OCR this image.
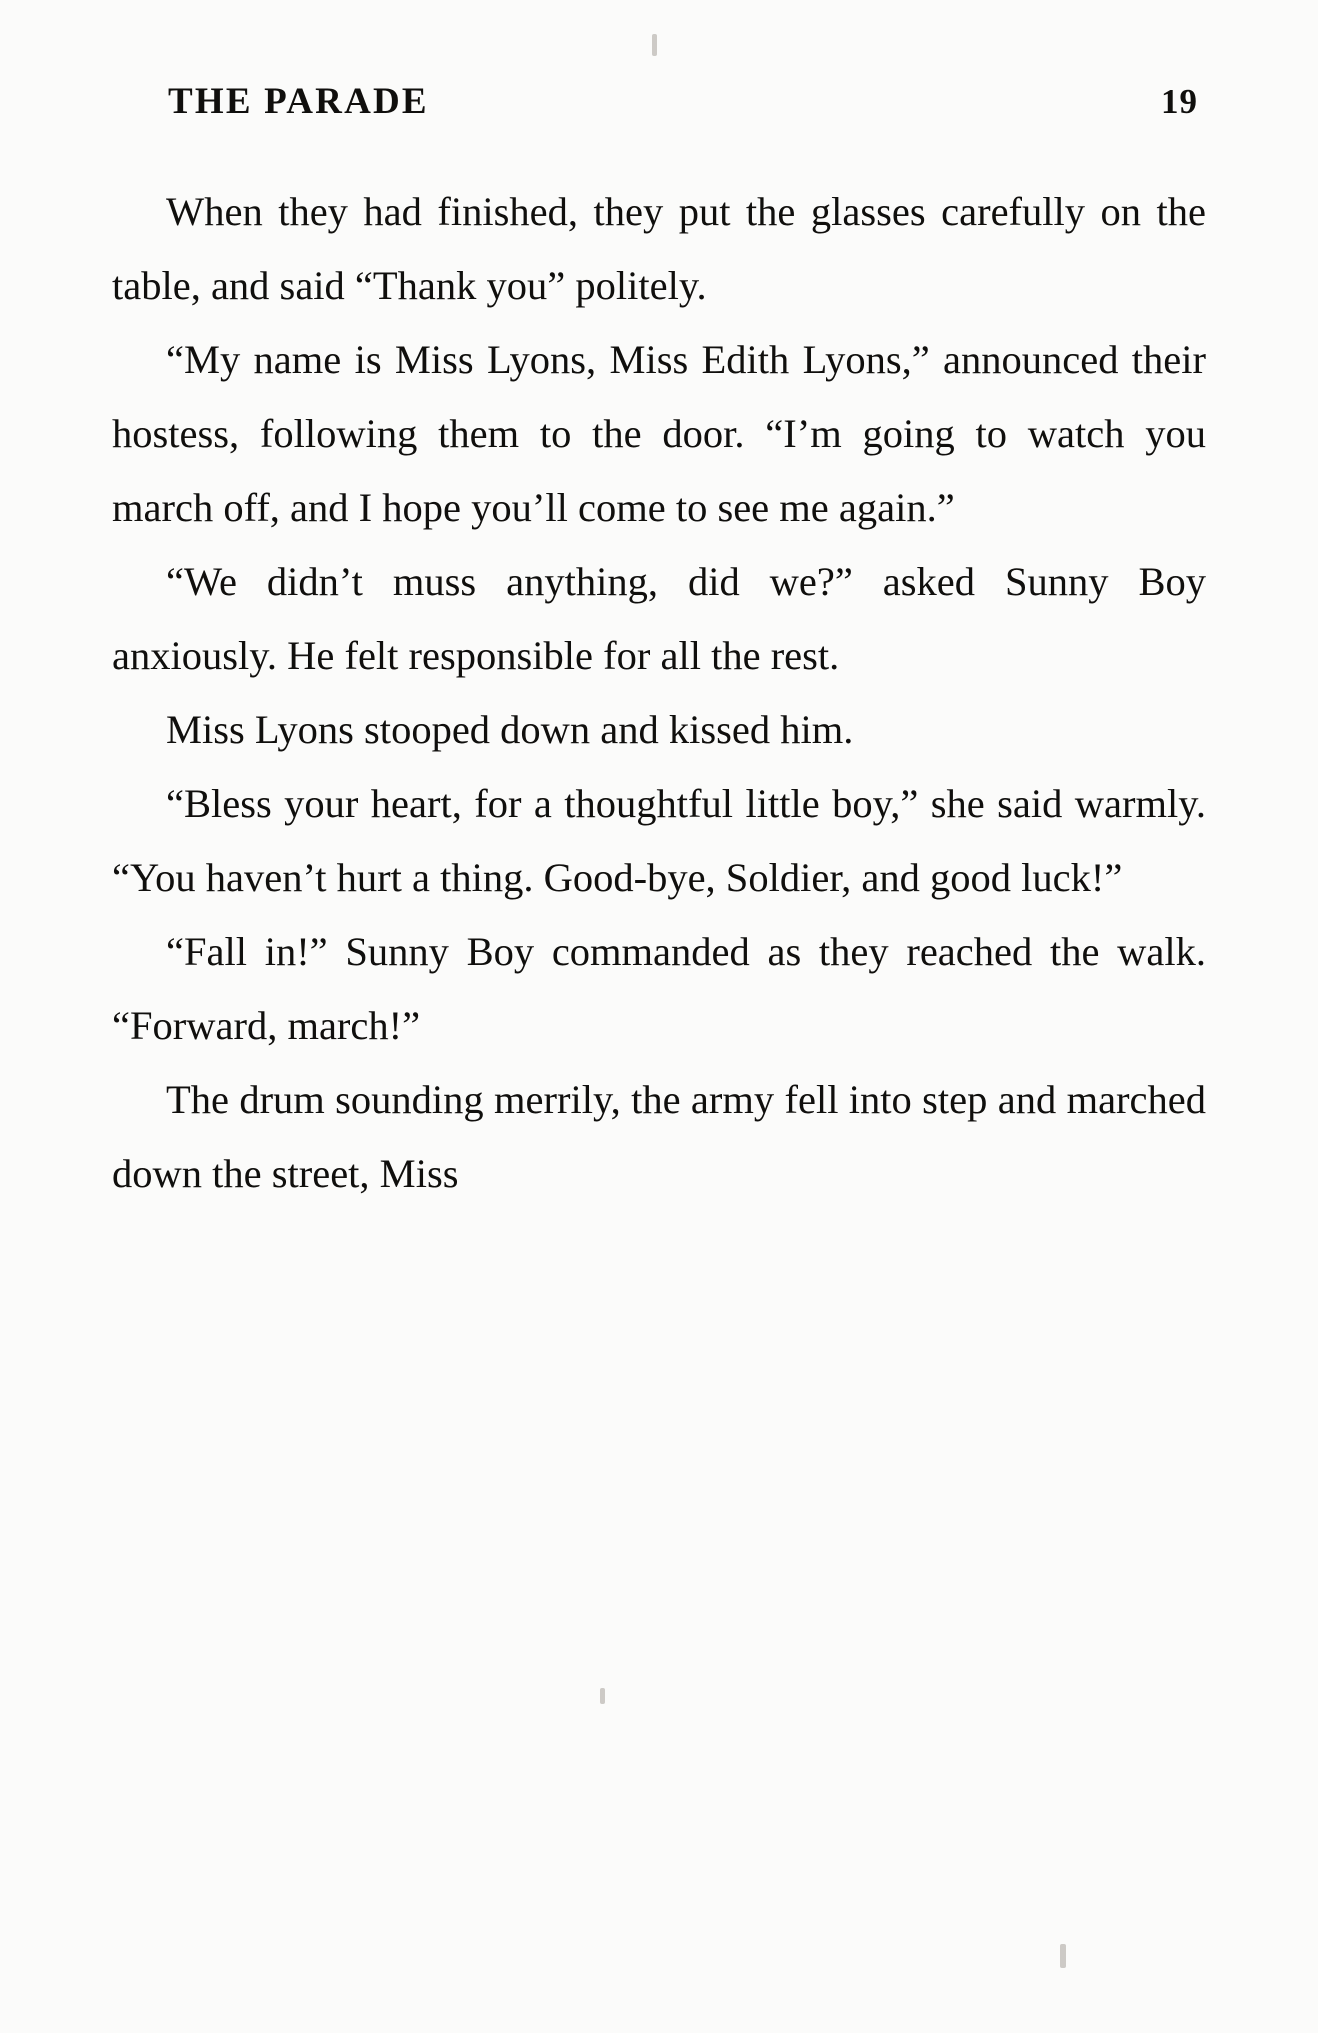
THE PARADE	19

When they had finished, they put the glasses carefully on the table, and said “Thank you” politely.

“My name is Miss Lyons, Miss Edith Lyons,” announced their hostess, following them to the door. “I’m going to watch you march off, and I hope you’ll come to see me again.”

“We didn’t muss anything, did we?” asked Sunny Boy anxiously. He felt responsible for all the rest.

Miss Lyons stooped down and kissed him.

“Bless your heart, for a thoughtful little boy,” she said warmly. “You haven’t hurt a thing. Good-bye, Soldier, and good luck!”

“Fall in!” Sunny Boy commanded as they reached the walk. “Forward, march!”

The drum sounding merrily, the army fell into step and marched down the street, Miss
